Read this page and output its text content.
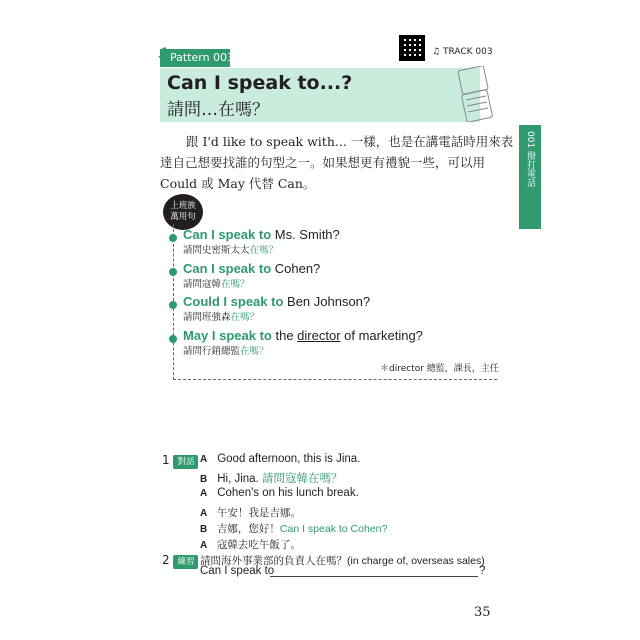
{ Pattern 003	♫ TRACK 003
Can I speak to...?
請問…在嗎？
001 撥打電話

跟 I'd like to speak with... 一樣，也是在講電話時用來表

達自己想要找誰的句型之一。如果想更有禮貌一些，可以用

Could 或 May 代替 Can。

上班族
萬用句
Can I speak to Ms. Smith?
請問史密斯太太在嗎？
Can I speak to Cohen?
請問寇韓在嗎？
Could I speak to Ben Johnson?
請問班強森在嗎？
May I speak to the director of marketing?
請問行銷總監在嗎？
＊director 總監，課長，主任
1 對話 A Good afternoon, this is Jina.
B Hi, Jina. 請問寇韓在嗎？
A Cohen's on his lunch break.
A 午安！我是吉娜。
B 吉娜，您好！Can I speak to Cohen?
A 寇韓去吃午飯了。
2 練習 請問海外事業部的負責人在嗎？(in charge of, overseas sales)
Can I speak to	?
35
